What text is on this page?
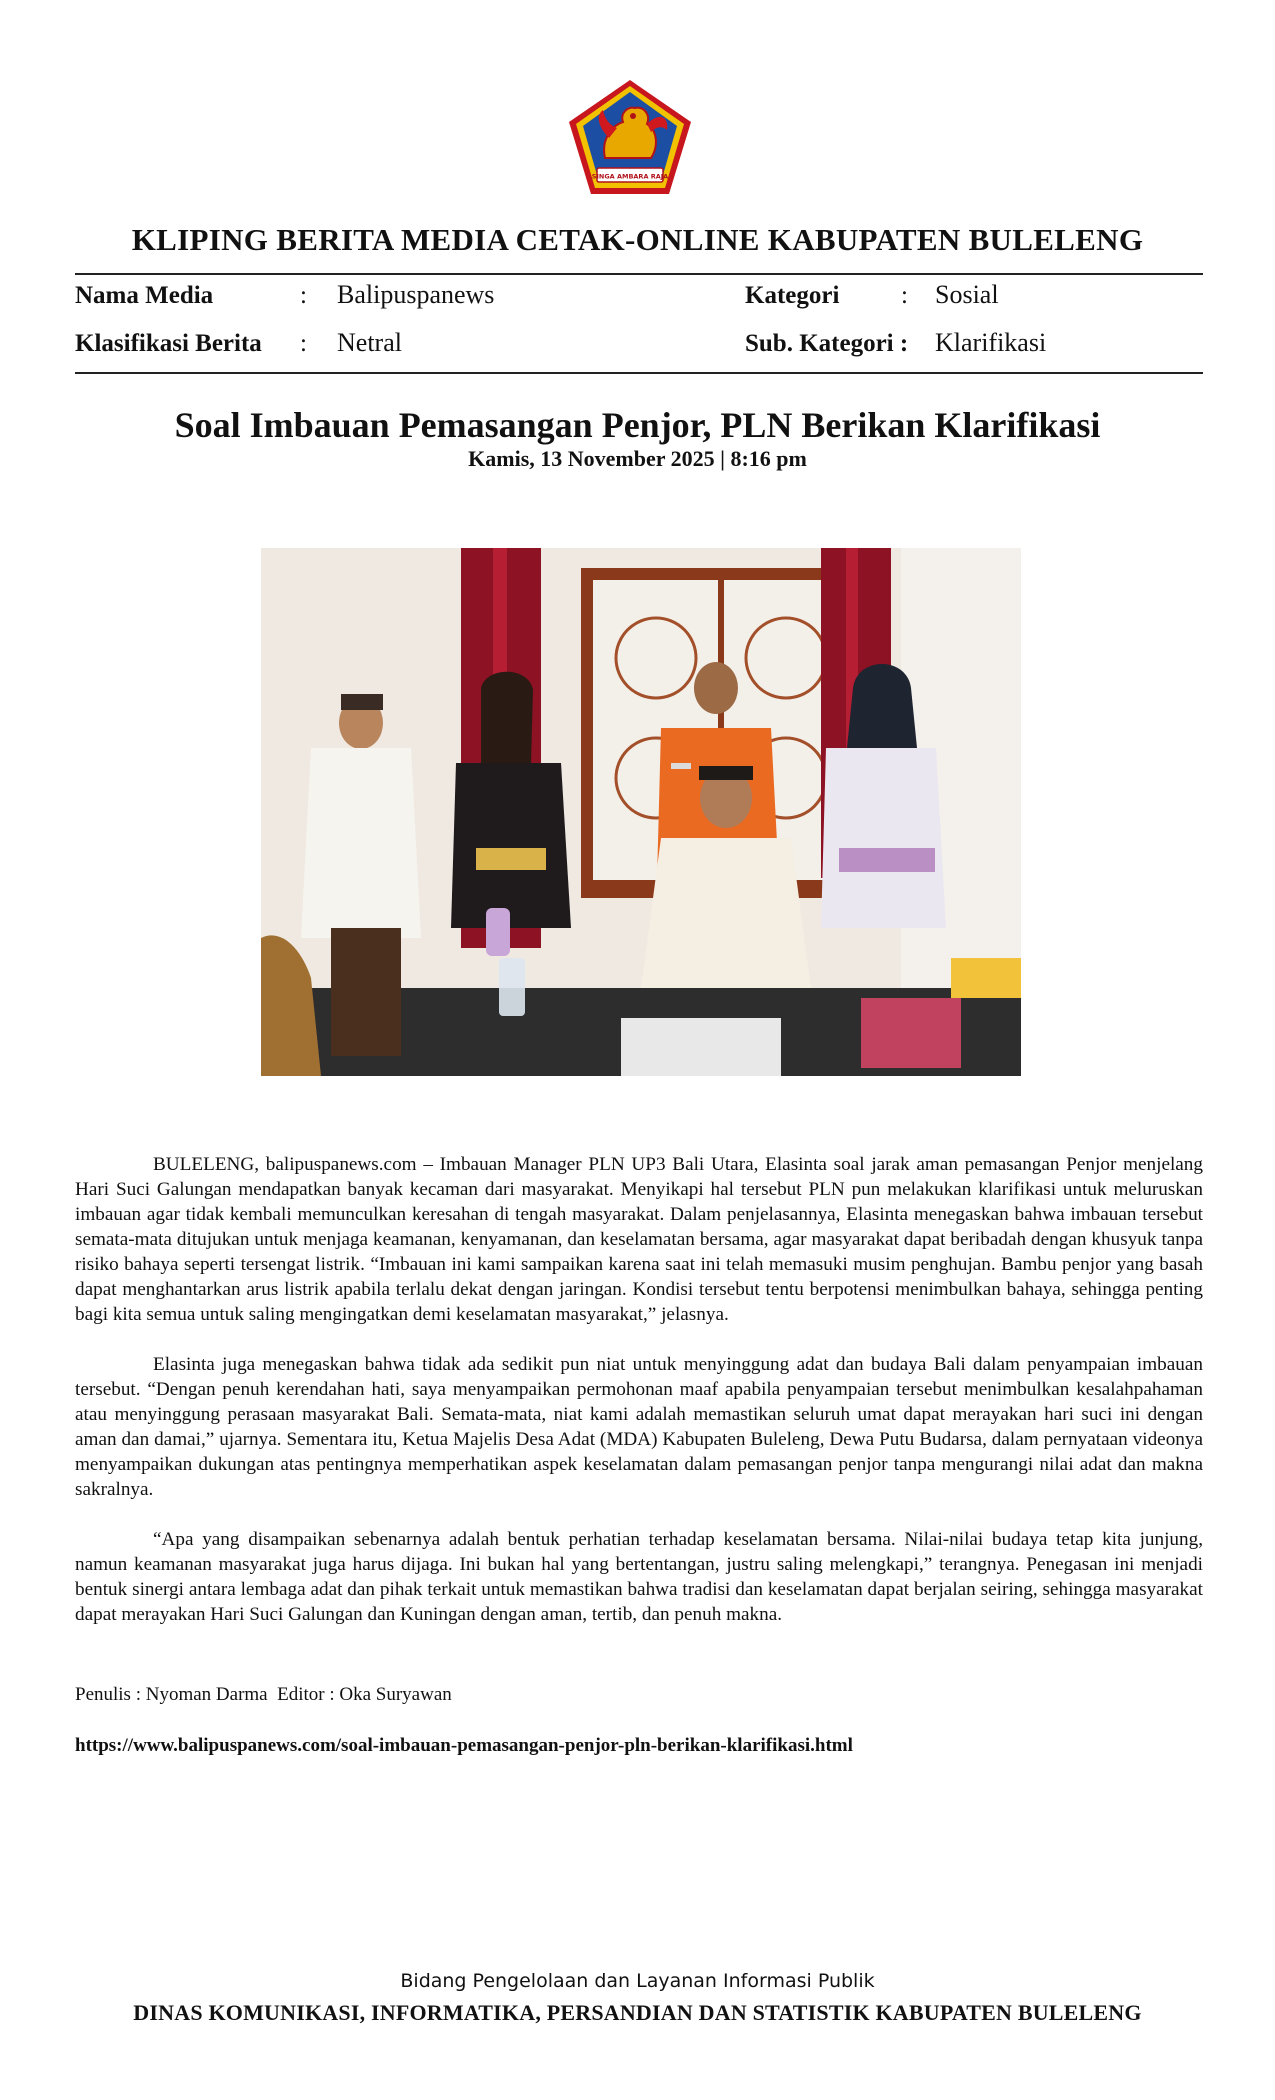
SINGA AMBARA RAJA
KLIPING BERITA MEDIA CETAK-ONLINE KABUPATEN BULELENG
Nama Media	: Balipuspanews	Kategori : Sosial
Klasifikasi Berita : Netral	Sub. Kategori : Klarifikasi
Soal Imbauan Pemasangan Penjor, PLN Berikan Klarifikasi
Kamis, 13 November 2025 | 8:16 pm

BULELENG, balipuspanews.com – Imbauan Manager PLN UP3 Bali Utara, Elasinta soal jarak aman pemasangan Penjor menjelang Hari Suci Galungan mendapatkan banyak kecaman dari masyarakat. Menyikapi hal tersebut PLN pun melakukan klarifikasi untuk meluruskan imbauan agar tidak kembali memunculkan keresahan di tengah masyarakat. Dalam penjelasannya, Elasinta menegaskan bahwa imbauan tersebut semata-mata ditujukan untuk menjaga keamanan, kenyamanan, dan keselamatan bersama, agar masyarakat dapat beribadah dengan khusyuk tanpa risiko bahaya seperti tersengat listrik. “Imbauan ini kami sampaikan karena saat ini telah memasuki musim penghujan. Bambu penjor yang basah dapat menghantarkan arus listrik apabila terlalu dekat dengan jaringan. Kondisi tersebut tentu berpotensi menimbulkan bahaya, sehingga penting bagi kita semua untuk saling mengingatkan demi keselamatan masyarakat,” jelasnya.

Elasinta juga menegaskan bahwa tidak ada sedikit pun niat untuk menyinggung adat dan budaya Bali dalam penyampaian imbauan tersebut. “Dengan penuh kerendahan hati, saya menyampaikan permohonan maaf apabila penyampaian tersebut menimbulkan kesalahpahaman atau menyinggung perasaan masyarakat Bali. Semata-mata, niat kami adalah memastikan seluruh umat dapat merayakan hari suci ini dengan aman dan damai,” ujarnya. Sementara itu, Ketua Majelis Desa Adat (MDA) Kabupaten Buleleng, Dewa Putu Budarsa, dalam pernyataan videonya menyampaikan dukungan atas pentingnya memperhatikan aspek keselamatan dalam pemasangan penjor tanpa mengurangi nilai adat dan makna sakralnya.

“Apa yang disampaikan sebenarnya adalah bentuk perhatian terhadap keselamatan bersama. Nilai-nilai budaya tetap kita junjung, namun keamanan masyarakat juga harus dijaga. Ini bukan hal yang bertentangan, justru saling melengkapi,” terangnya. Penegasan ini menjadi bentuk sinergi antara lembaga adat dan pihak terkait untuk memastikan bahwa tradisi dan keselamatan dapat berjalan seiring, sehingga masyarakat dapat merayakan Hari Suci Galungan dan Kuningan dengan aman, tertib, dan penuh makna.

Penulis : Nyoman Darma  Editor : Oka Suryawan
https://www.balipuspanews.com/soal-imbauan-pemasangan-penjor-pln-berikan-klarifikasi.html
Bidang Pengelolaan dan Layanan Informasi Publik
DINAS KOMUNIKASI, INFORMATIKA, PERSANDIAN DAN STATISTIK KABUPATEN BULELENG
